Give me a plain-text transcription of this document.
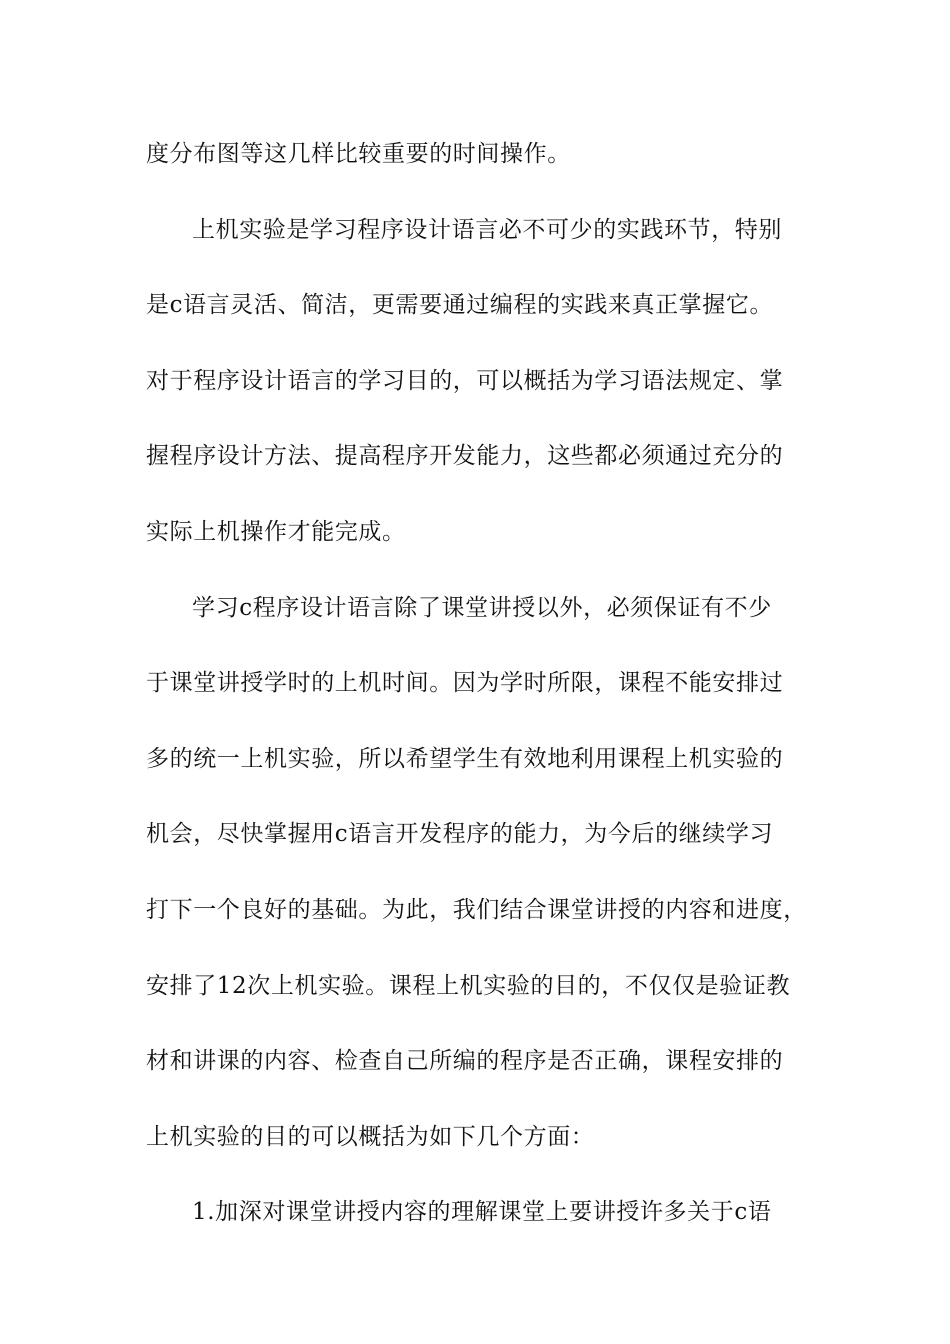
度分布图等这几样比较重要的时间操作。
上机实验是学习程序设计语言必不可少的实践环节，特别
是c语言灵活、简洁，更需要通过编程的实践来真正掌握它。
对于程序设计语言的学习目的，可以概括为学习语法规定、掌
握程序设计方法、提高程序开发能力，这些都必须通过充分的
实际上机操作才能完成。
学习c程序设计语言除了课堂讲授以外，必须保证有不少
于课堂讲授学时的上机时间。因为学时所限，课程不能安排过
多的统一上机实验，所以希望学生有效地利用课程上机实验的
机会，尽快掌握用c语言开发程序的能力，为今后的继续学习
打下一个良好的基础。为此，我们结合课堂讲授的内容和进度，
安排了12次上机实验。课程上机实验的目的，不仅仅是验证教
材和讲课的内容、检查自己所编的程序是否正确，课程安排的
上机实验的目的可以概括为如下几个方面：
1.加深对课堂讲授内容的理解课堂上要讲授许多关于c语
